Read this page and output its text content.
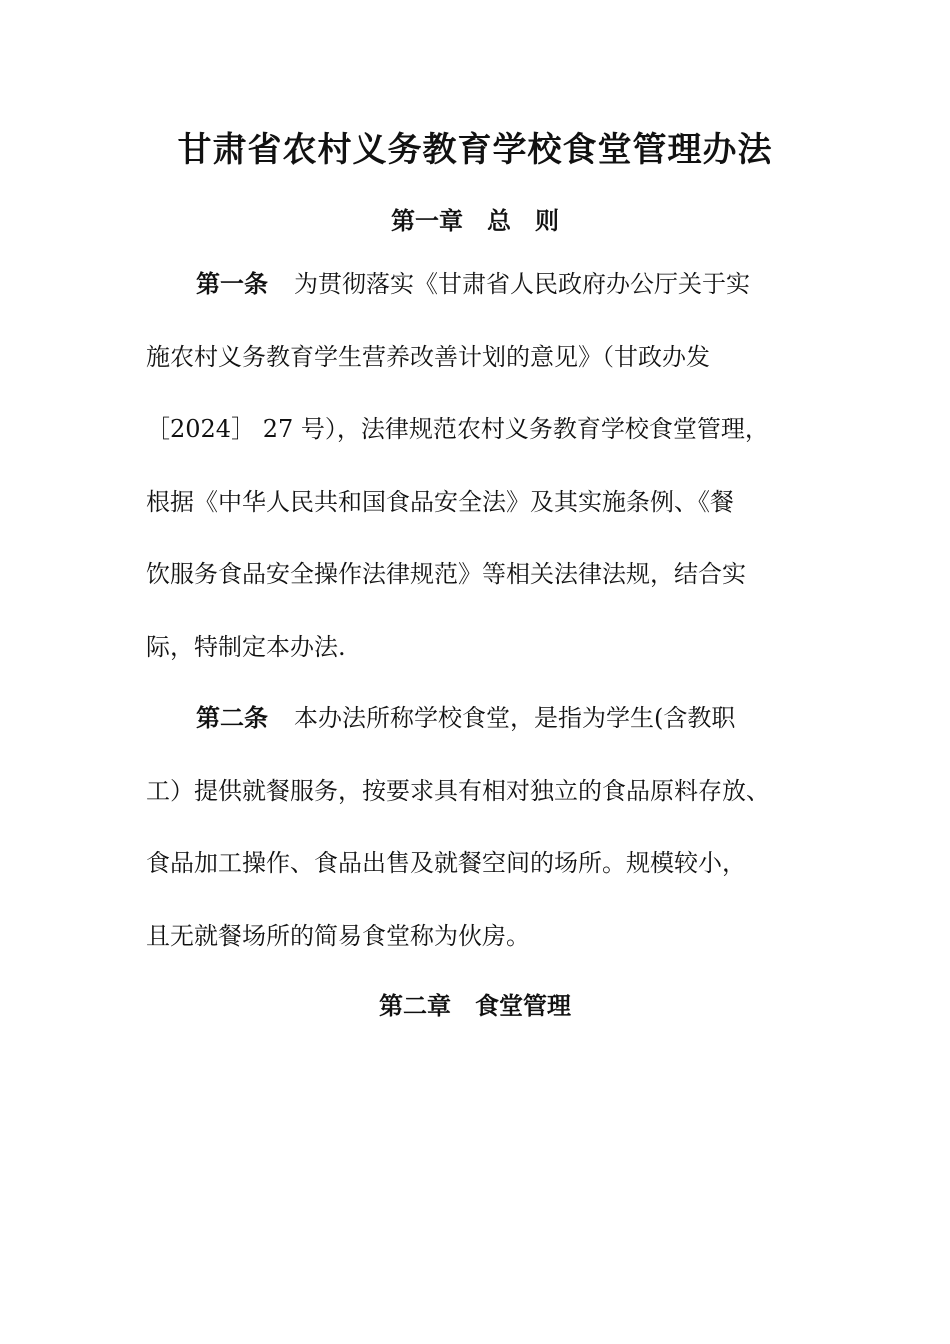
甘肃省农村义务教育学校食堂管理办法
第一章　总　则
第一条 为贯彻落实《甘肃省人民政府办公厅关于实
施农村义务教育学生营养改善计划的意见》（甘政办发
［2024］ 27 号），法律规范农村义务教育学校食堂管理，
根据《中华人民共和国食品安全法》及其实施条例、《餐
饮服务食品安全操作法律规范》等相关法律法规，结合实
际，特制定本办法.
第二条 本办法所称学校食堂，是指为学生(含教职
工）提供就餐服务，按要求具有相对独立的食品原料存放、
食品加工操作、食品出售及就餐空间的场所。规模较小，
且无就餐场所的简易食堂称为伙房。
第二章　食堂管理
